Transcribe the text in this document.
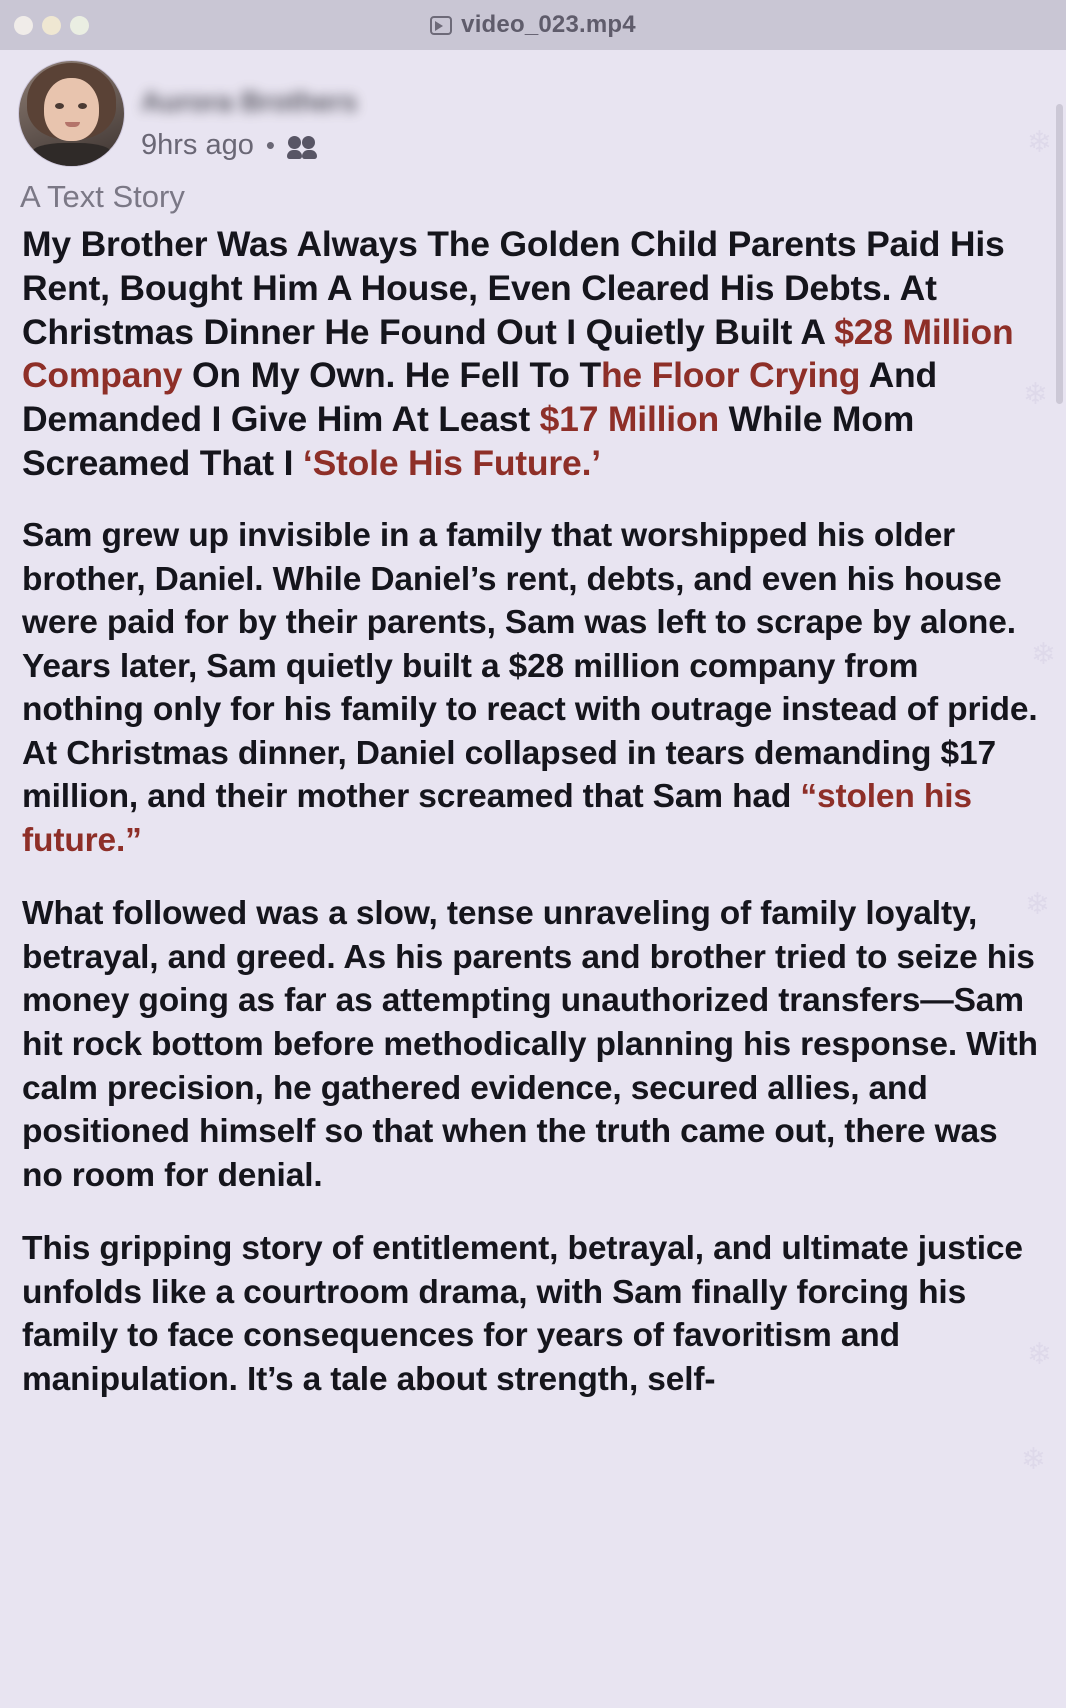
video_023.mp4
❄
❄
❄
❄
❄
❄
Aurora Brothers
9hrs ago •
A Text Story

My Brother Was Always The Golden Child Parents Paid His Rent, Bought Him A House, Even Cleared His Debts. At Christmas Dinner He Found Out I Quietly Built A $28 Million Company On My Own. He Fell To The Floor Crying And Demanded I Give Him At Least $17 Million While Mom Screamed That I ‘Stole His Future.’

Sam grew up invisible in a family that worshipped his older brother, Daniel. While Daniel’s rent, debts, and even his house were paid for by their parents, Sam was left to scrape by alone. Years later, Sam quietly built a $28 million company from nothing only for his family to react with outrage instead of pride. At Christmas dinner, Daniel collapsed in tears demanding $17 million, and their mother screamed that Sam had “stolen his future.”

What followed was a slow, tense unraveling of family loyalty, betrayal, and greed. As his parents and brother tried to seize his money going as far as attempting unauthorized transfers—Sam hit rock bottom before methodically planning his response. With calm precision, he gathered evidence, secured allies, and positioned himself so that when the truth came out, there was no room for denial.

This gripping story of entitlement, betrayal, and ultimate justice unfolds like a courtroom drama, with Sam finally forcing his family to face consequences for years of favoritism and manipulation. It’s a tale about strength, self-
